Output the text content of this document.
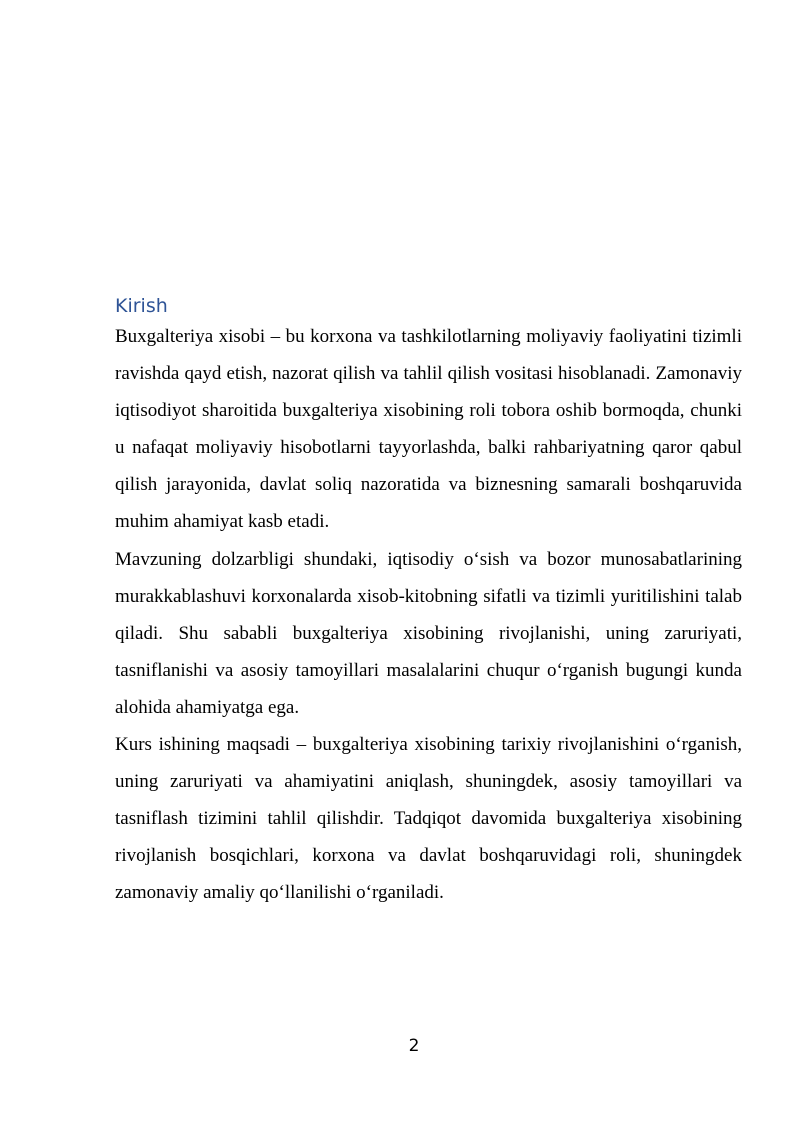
Kirish

Buxgalteriya xisobi – bu korxona va tashkilotlarning moliyaviy faoliyatini tizimli ravishda qayd etish, nazorat qilish va tahlil qilish vositasi hisoblanadi. Zamonaviy iqtisodiyot sharoitida buxgalteriya xisobining roli tobora oshib bormoqda, chunki u nafaqat moliyaviy hisobotlarni tayyorlashda, balki rahbariyatning qaror qabul qilish jarayonida, davlat soliq nazoratida va biznesning samarali boshqaruvida muhim ahamiyat kasb etadi.

Mavzuning dolzarbligi shundaki, iqtisodiy o‘sish va bozor munosabatlarining murakkablashuvi korxonalarda xisob-kitobning sifatli va tizimli yuritilishini talab qiladi. Shu sababli buxgalteriya xisobining rivojlanishi, uning zaruriyati, tasniflanishi va asosiy tamoyillari masalalarini chuqur o‘rganish bugungi kunda alohida ahamiyatga ega.

Kurs ishining maqsadi – buxgalteriya xisobining tarixiy rivojlanishini o‘rganish, uning zaruriyati va ahamiyatini aniqlash, shuningdek, asosiy tamoyillari va tasniflash tizimini tahlil qilishdir. Tadqiqot davomida buxgalteriya xisobining rivojlanish bosqichlari, korxona va davlat boshqaruvidagi roli, shuningdek zamonaviy amaliy qo‘llanilishi o‘rganiladi.

2
